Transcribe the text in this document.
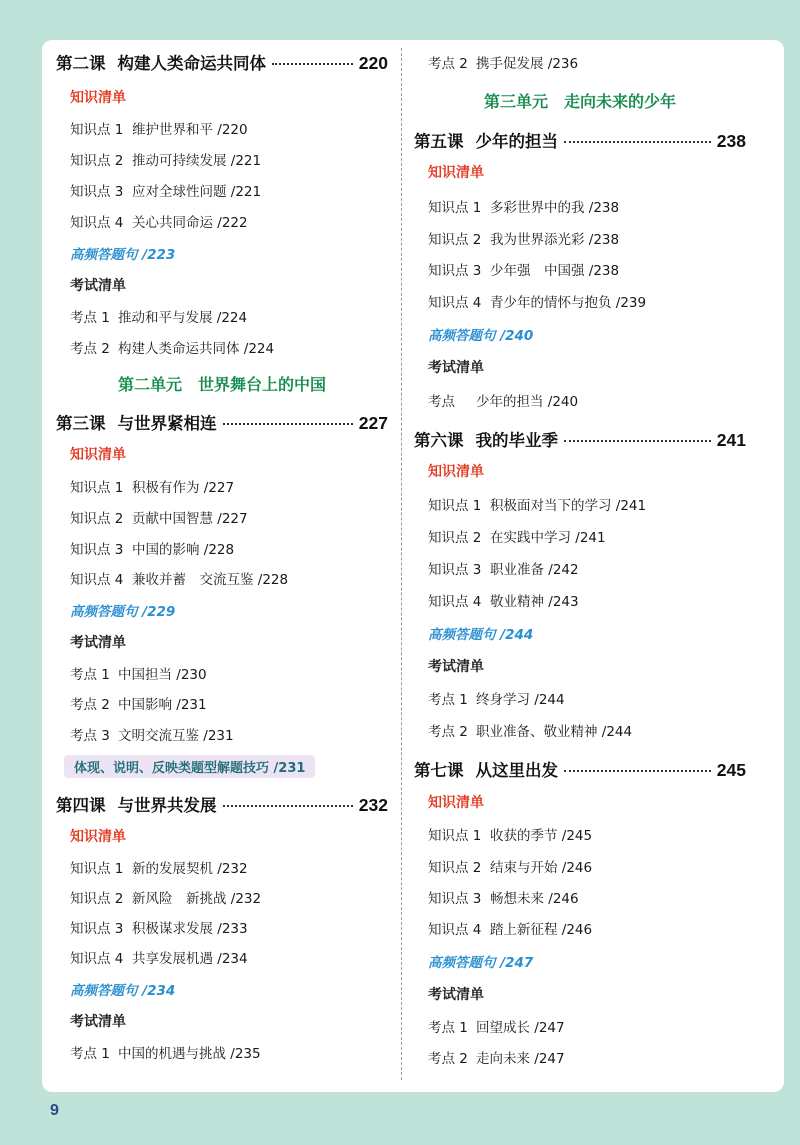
第二课 构建人类命运共同体	220
知识清单
知识点 1 维护世界和平 /220
知识点 2 推动可持续发展 /221
知识点 3 应对全球性问题 /221
知识点 4 关心共同命运 /222
高频答题句 /223
考试清单
考点 1 推动和平与发展 /224
考点 2 构建人类命运共同体 /224
第二单元　世界舞台上的中国
第三课 与世界紧相连	227
知识清单
知识点 1 积极有作为 /227
知识点 2 贡献中国智慧 /227
知识点 3 中国的影响 /228
知识点 4 兼收并蓄　交流互鉴 /228
高频答题句 /229
考试清单
考点 1 中国担当 /230
考点 2 中国影响 /231
考点 3 文明交流互鉴 /231
体现、说明、反映类题型解题技巧 /231
第四课 与世界共发展	232
知识清单
知识点 1 新的发展契机 /232
知识点 2 新风险　新挑战 /232
知识点 3 积极谋求发展 /233
知识点 4 共享发展机遇 /234
高频答题句 /234
考试清单
考点 1 中国的机遇与挑战 /235
考点 2 携手促发展 /236
第三单元　走向未来的少年
第五课 少年的担当	238
知识清单
知识点 1 多彩世界中的我 /238
知识点 2 我为世界添光彩 /238
知识点 3 少年强　中国强 /238
知识点 4 青少年的情怀与抱负 /239
高频答题句 /240
考试清单
考点 少年的担当 /240
第六课 我的毕业季	241
知识清单
知识点 1 积极面对当下的学习 /241
知识点 2 在实践中学习 /241
知识点 3 职业准备 /242
知识点 4 敬业精神 /243
高频答题句 /244
考试清单
考点 1 终身学习 /244
考点 2 职业准备、敬业精神 /244
第七课 从这里出发	245
知识清单
知识点 1 收获的季节 /245
知识点 2 结束与开始 /246
知识点 3 畅想未来 /246
知识点 4 踏上新征程 /246
高频答题句 /247
考试清单
考点 1 回望成长 /247
考点 2 走向未来 /247
9
